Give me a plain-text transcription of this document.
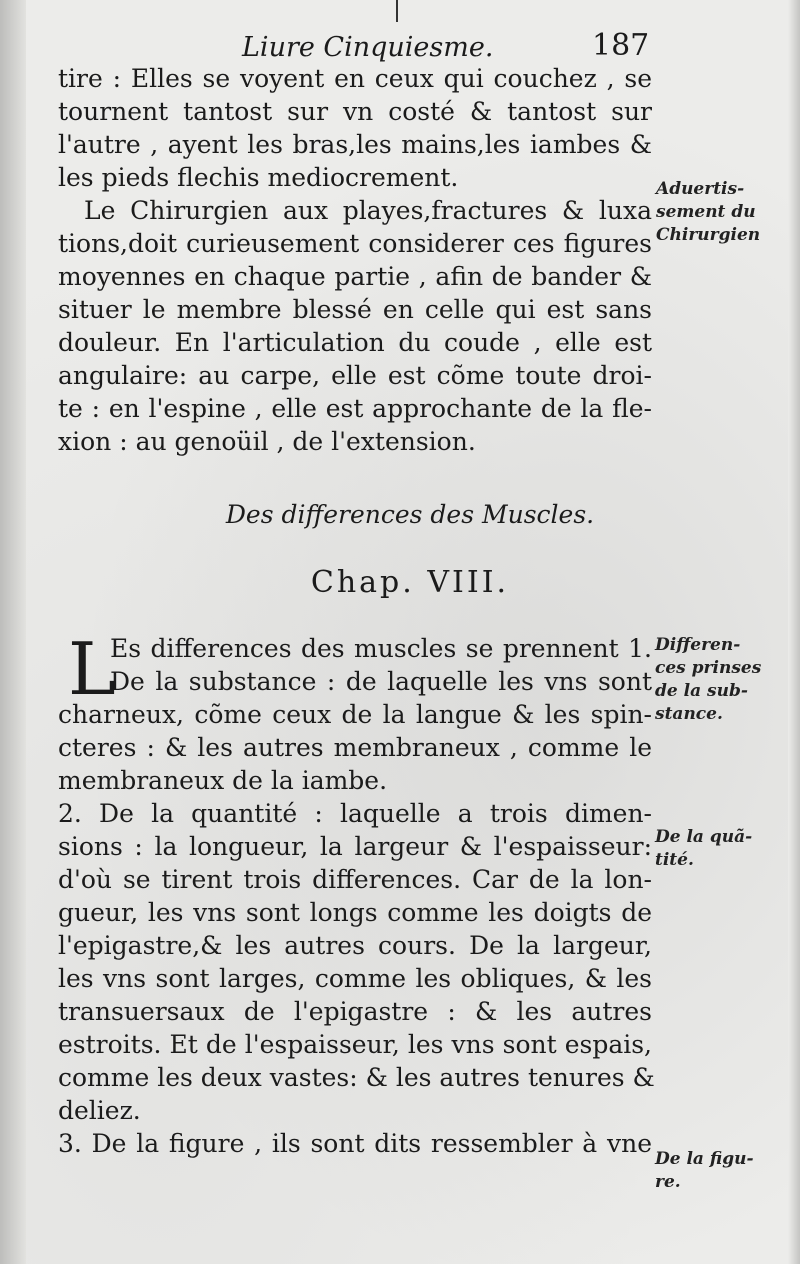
Liure Cinquiesme.	187
tire : Elles se voyent en ceux qui couchez , se
tournent tantost sur vn costé & tantost sur
l'autre , ayent les bras,les mains,les iambes &
les pieds flechis mediocrement.
Le Chirurgien aux playes,fractures & luxa
tions,doit curieusement considerer ces figures
moyennes en chaque partie , afin de bander &
situer le membre blessé en celle qui est sans
douleur. En l'articulation du coude , elle est
angulaire: au carpe, elle est cõme toute droi-
te : en l'espine , elle est approchante de la fle-
xion : au genoüil , de l'extension.
Des differences des Muscles.
Chap. VIII.
L
Es differences des muscles se prennent 1.
De la substance : de laquelle les vns sont
charneux, cõme ceux de la langue & les spin-
cteres : & les autres membraneux , comme le
membraneux de la iambe.
2. De la quantité : laquelle a trois dimen-
sions : la longueur, la largeur & l'espaisseur:
d'où se tirent trois differences. Car de la lon-
gueur, les vns sont longs comme les doigts de
l'epigastre,& les autres cours. De la largeur,
les vns sont larges, comme les obliques, & les
transuersaux de l'epigastre : & les autres
estroits. Et de l'espaisseur, les vns sont espais,
comme les deux vastes: & les autres tenures &
deliez.
3. De la figure , ils sont dits ressembler à vne
Aduertis-
sement du
Chirurgien
Differen-
ces prinses
de la sub-
stance.
De la quã-
tité.
De la figu-
re.
